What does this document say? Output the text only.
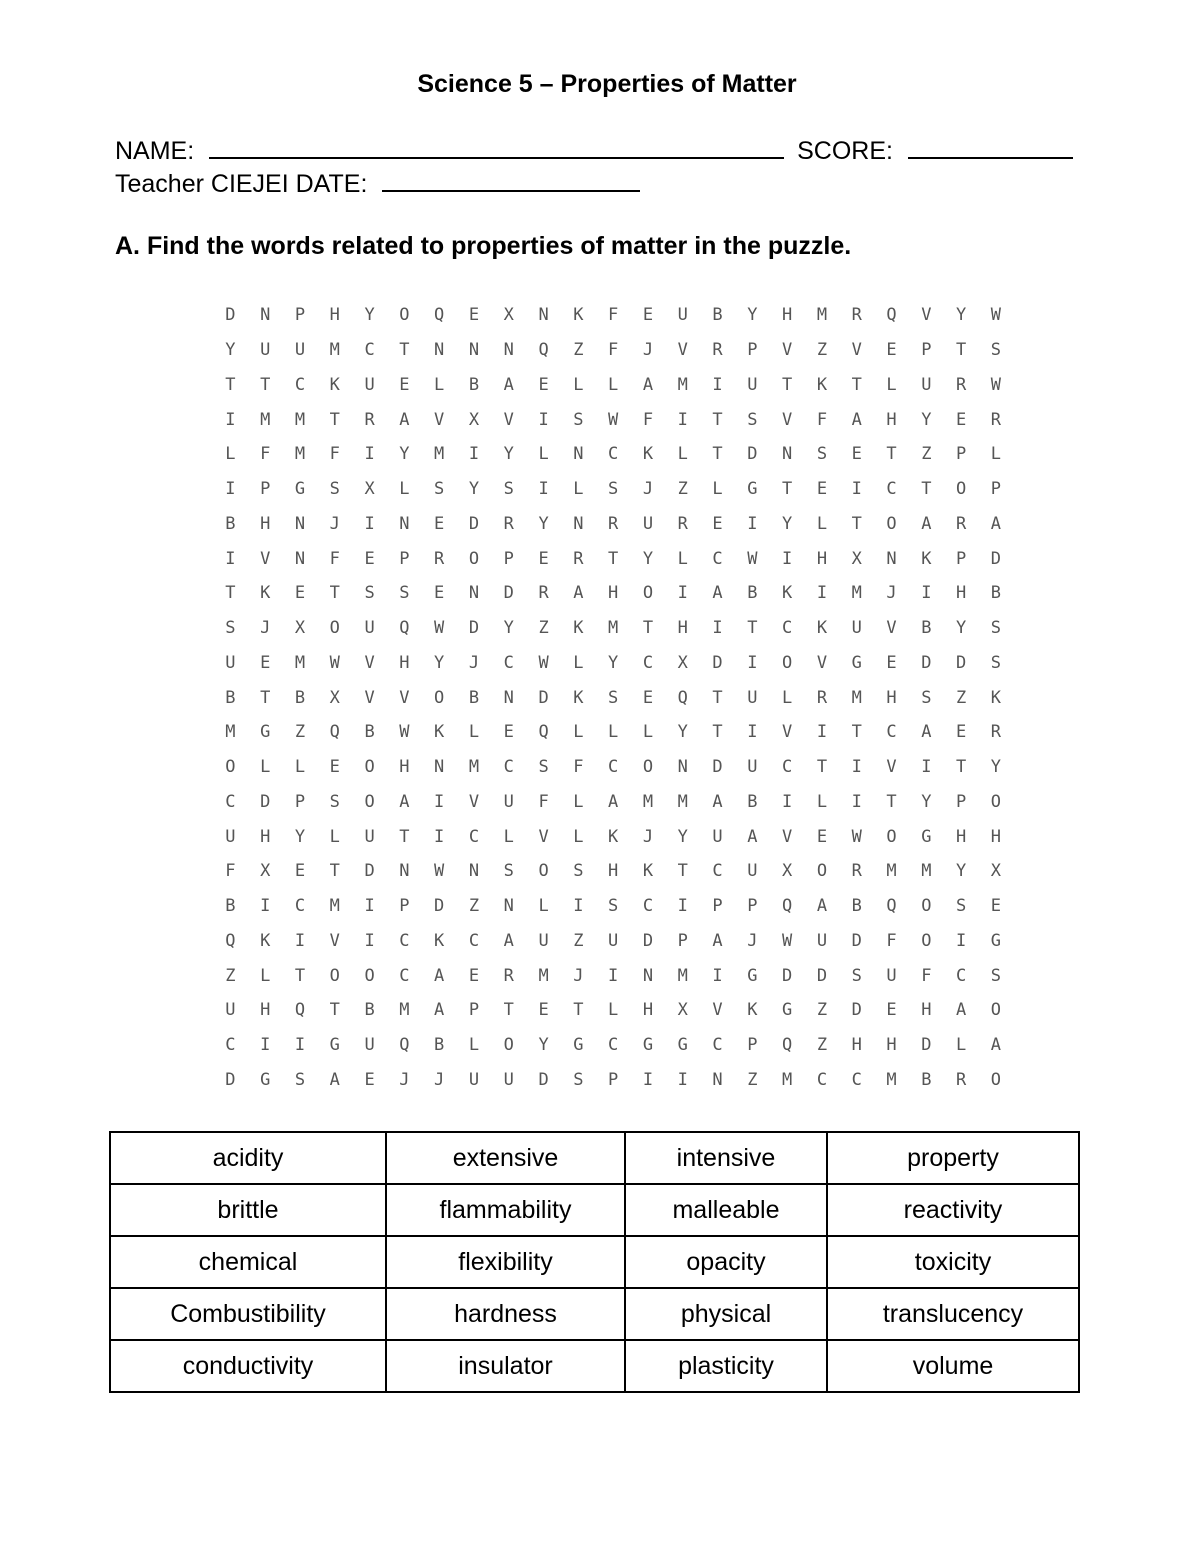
Science 5 – Properties of Matter
NAME:	SCORE:
Teacher CIEJEI DATE:
A. Find the words related to properties of matter in the puzzle.
D	N	P	H	Y	O	Q	E	X	N	K	F	E	U	B	Y	H	M	R	Q	V	Y	W
Y	U	U	M	C	T	N	N	N	Q	Z	F	J	V	R	P	V	Z	V	E	P	T	S
T	T	C	K	U	E	L	B	A	E	L	L	A	M	I	U	T	K	T	L	U	R	W
I	M	M	T	R	A	V	X	V	I	S	W	F	I	T	S	V	F	A	H	Y	E	R
L	F	M	F	I	Y	M	I	Y	L	N	C	K	L	T	D	N	S	E	T	Z	P	L
I	P	G	S	X	L	S	Y	S	I	L	S	J	Z	L	G	T	E	I	C	T	O	P
B	H	N	J	I	N	E	D	R	Y	N	R	U	R	E	I	Y	L	T	O	A	R	A
I	V	N	F	E	P	R	O	P	E	R	T	Y	L	C	W	I	H	X	N	K	P	D
T	K	E	T	S	S	E	N	D	R	A	H	O	I	A	B	K	I	M	J	I	H	B
S	J	X	O	U	Q	W	D	Y	Z	K	M	T	H	I	T	C	K	U	V	B	Y	S
U	E	M	W	V	H	Y	J	C	W	L	Y	C	X	D	I	O	V	G	E	D	D	S
B	T	B	X	V	V	O	B	N	D	K	S	E	Q	T	U	L	R	M	H	S	Z	K
M	G	Z	Q	B	W	K	L	E	Q	L	L	L	Y	T	I	V	I	T	C	A	E	R
O	L	L	E	O	H	N	M	C	S	F	C	O	N	D	U	C	T	I	V	I	T	Y
C	D	P	S	O	A	I	V	U	F	L	A	M	M	A	B	I	L	I	T	Y	P	O
U	H	Y	L	U	T	I	C	L	V	L	K	J	Y	U	A	V	E	W	O	G	H	H
F	X	E	T	D	N	W	N	S	O	S	H	K	T	C	U	X	O	R	M	M	Y	X
B	I	C	M	I	P	D	Z	N	L	I	S	C	I	P	P	Q	A	B	Q	O	S	E
Q	K	I	V	I	C	K	C	A	U	Z	U	D	P	A	J	W	U	D	F	O	I	G
Z	L	T	O	O	C	A	E	R	M	J	I	N	M	I	G	D	D	S	U	F	C	S
U	H	Q	T	B	M	A	P	T	E	T	L	H	X	V	K	G	Z	D	E	H	A	O
C	I	I	G	U	Q	B	L	O	Y	G	C	G	G	C	P	Q	Z	H	H	D	L	A
D	G	S	A	E	J	J	U	U	D	S	P	I	I	N	Z	M	C	C	M	B	R	O
acidity	extensive	intensive	property
brittle	flammability	malleable	reactivity
chemical	flexibility	opacity	toxicity
Combustibility	hardness	physical	translucency
conductivity	insulator	plasticity	volume
